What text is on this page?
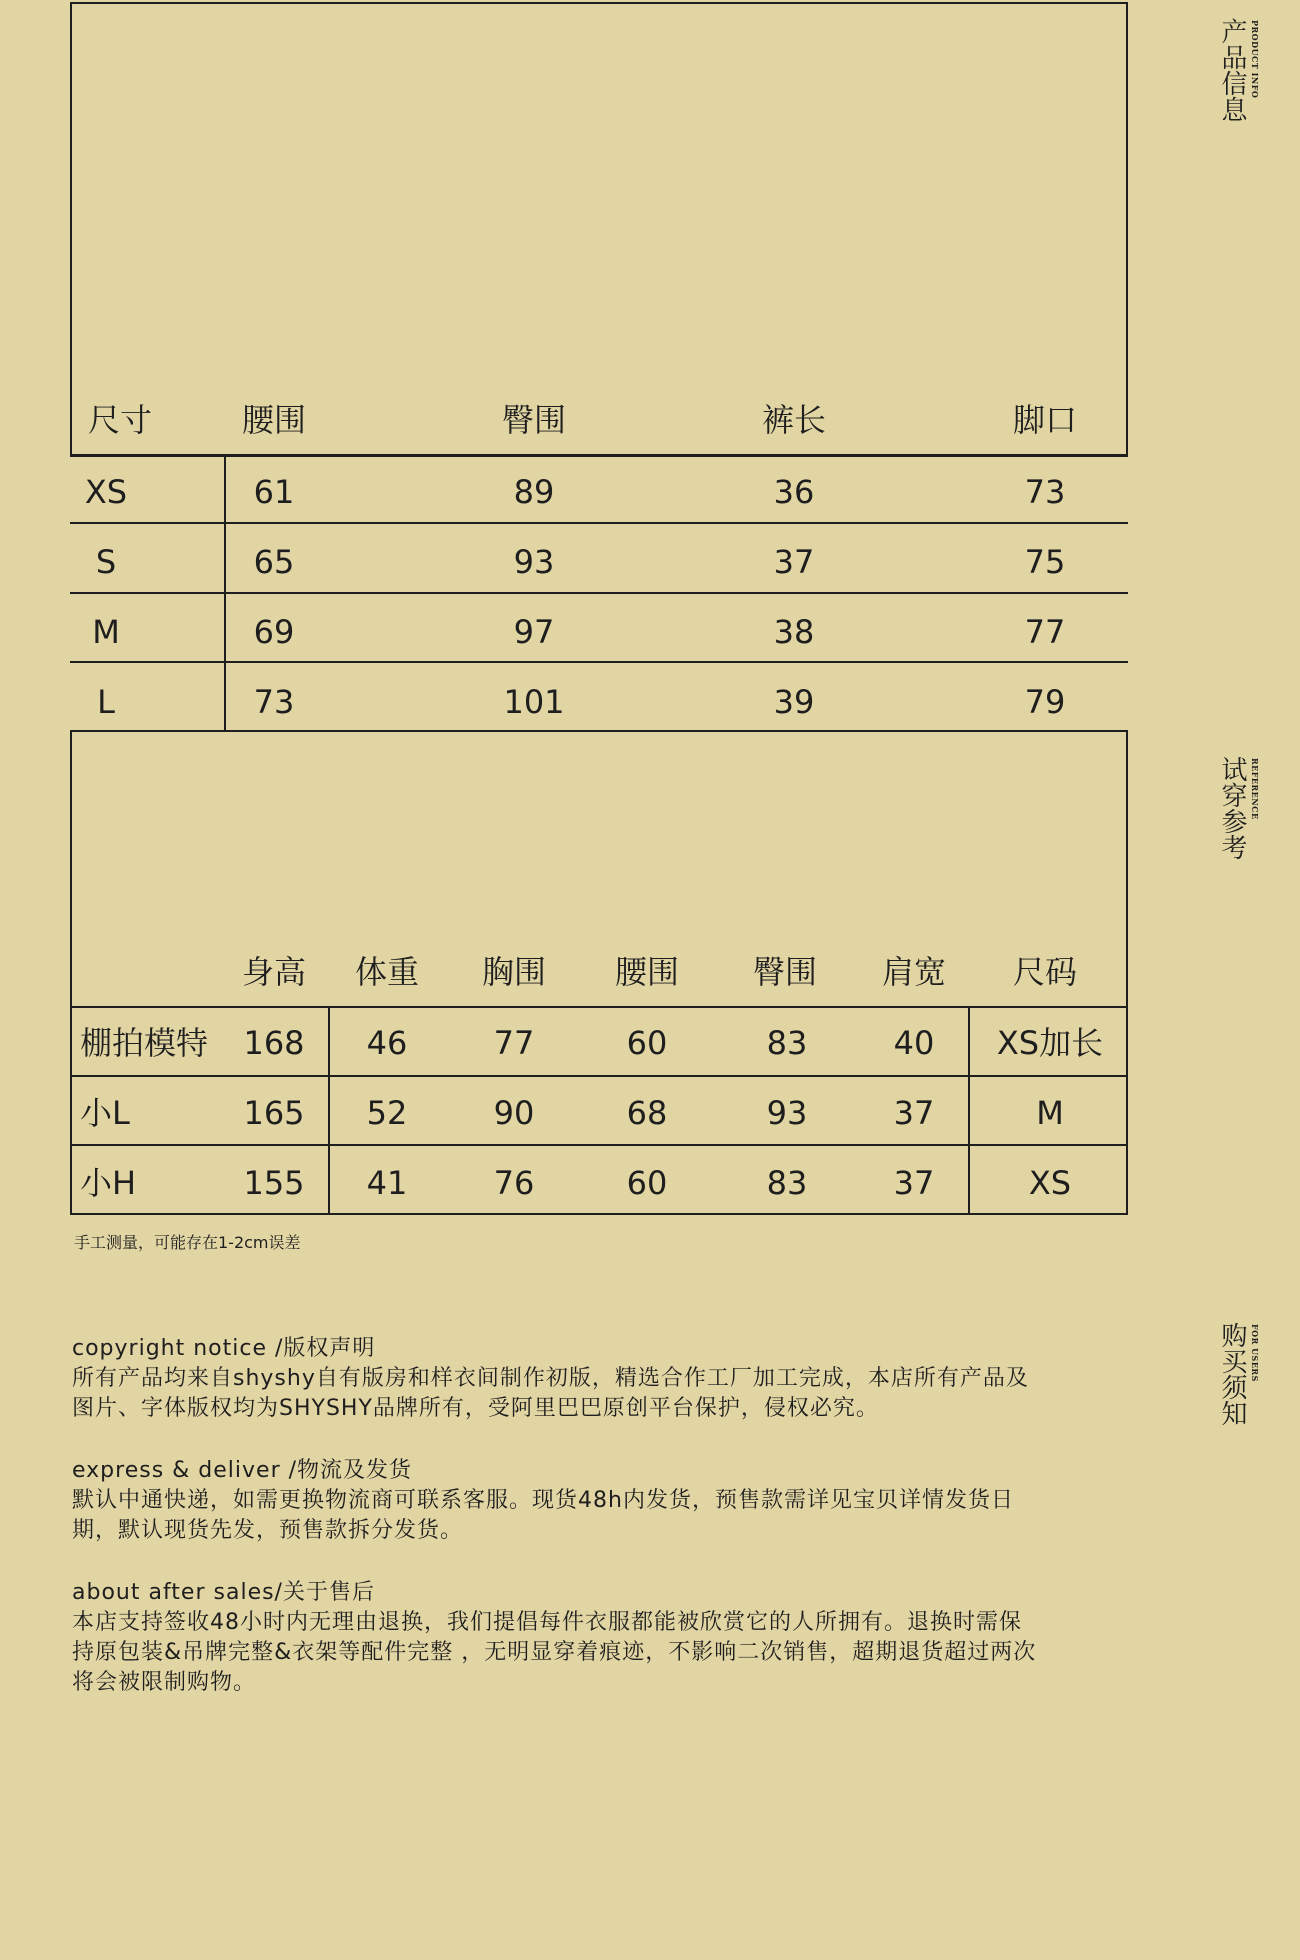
产品信息 PRODUCT INFO
试穿参考 REFERENCE
购买须知 FOR USERS
尺寸	腰围	臀围	裤长	脚口
XS	61	89	36	73
S	65	93	37	75
M	69	97	38	77
L	73	101	39	79
身高 体重 胸围 腰围 臀围 肩宽 尺码
棚拍模特 168 46	77	60	83	40 XS加长
小L	165 52	90	68	93	37	M
小H	155 41	76	60	83	37	XS
手工测量，可能存在1-2cm误差
copyright notice /版权声明
所有产品均来自shyshy自有版房和样衣间制作初版，精选合作工厂加工完成，本店所有产品及
图片、字体版权均为SHYSHY品牌所有，受阿里巴巴原创平台保护，侵权必究。
express & deliver /物流及发货
默认中通快递，如需更换物流商可联系客服。现货48h内发货，预售款需详见宝贝详情发货日
期，默认现货先发，预售款拆分发货。
about after sales/关于售后
本店支持签收48小时内无理由退换，我们提倡每件衣服都能被欣赏它的人所拥有。退换时需保
持原包装&吊牌完整&衣架等配件完整 ，无明显穿着痕迹，不影响二次销售，超期退货超过两次
将会被限制购物。
